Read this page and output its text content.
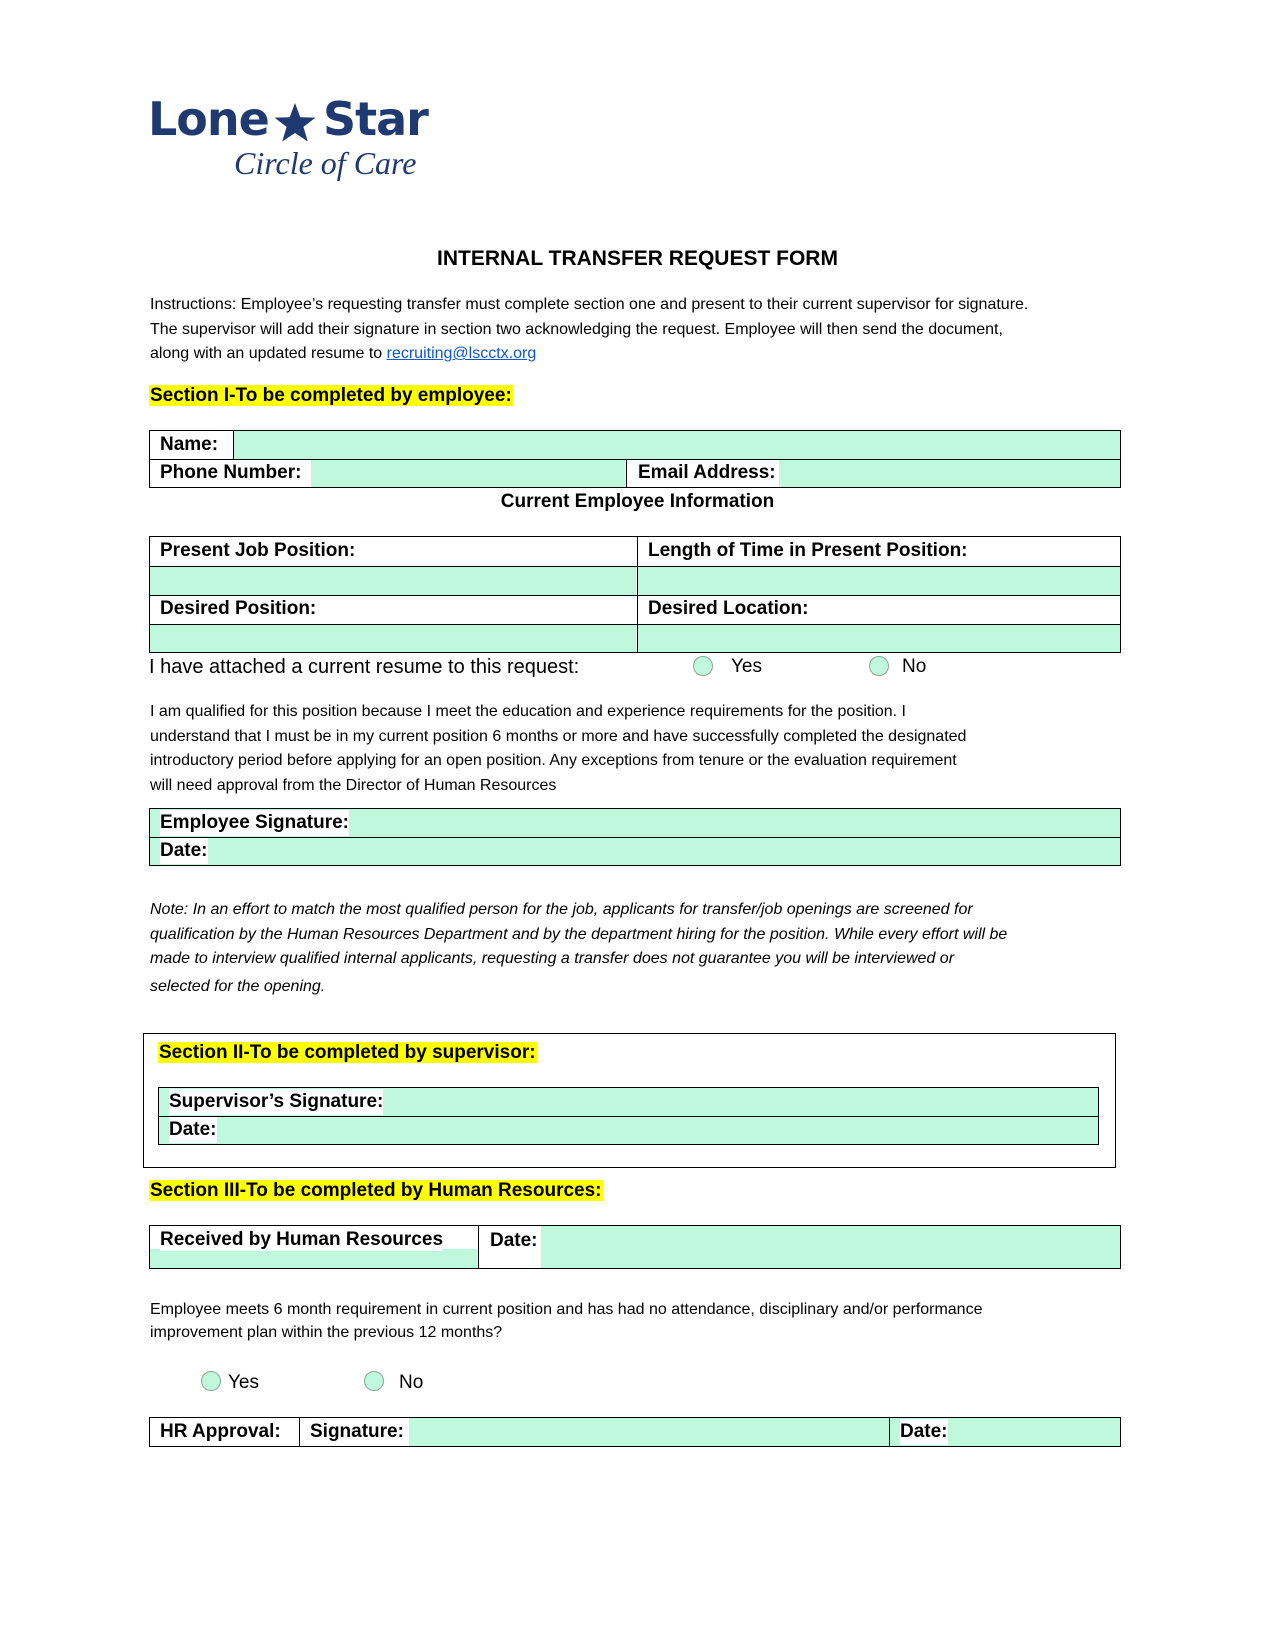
Lone Star
Circle of Care
INTERNAL TRANSFER REQUEST FORM
Instructions: Employee’s requesting transfer must complete section one and present to their current supervisor for signature.
The supervisor will add their signature in section two acknowledging the request. Employee will then send the document,
along with an updated resume to recruiting@lscctx.org
Section I-To be completed by employee:
Name:
Phone Number:	Email Address:
Current Employee Information
Present Job Position:	Length of Time in Present Position:
Desired Position:	Desired Location:
I have attached a current resume to this request:	Yes	No
I am qualified for this position because I meet the education and experience requirements for the position. I
understand that I must be in my current position 6 months or more and have successfully completed the designated
introductory period before applying for an open position. Any exceptions from tenure or the evaluation requirement
will need approval from the Director of Human Resources
Employee Signature:
Date:
Note: In an effort to match the most qualified person for the job, applicants for transfer/job openings are screened for
qualification by the Human Resources Department and by the department hiring for the position. While every effort will be
made to interview qualified internal applicants, requesting a transfer does not guarantee you will be interviewed or
selected for the opening.
Section II-To be completed by supervisor:
Supervisor’s Signature:
Date:
Section III-To be completed by Human Resources:
Received by Human Resources Date:
Employee meets 6 month requirement in current position and has had no attendance, disciplinary and/or performance
improvement plan within the previous 12 months?
Yes	No
HR Approval: Signature:	Date:
